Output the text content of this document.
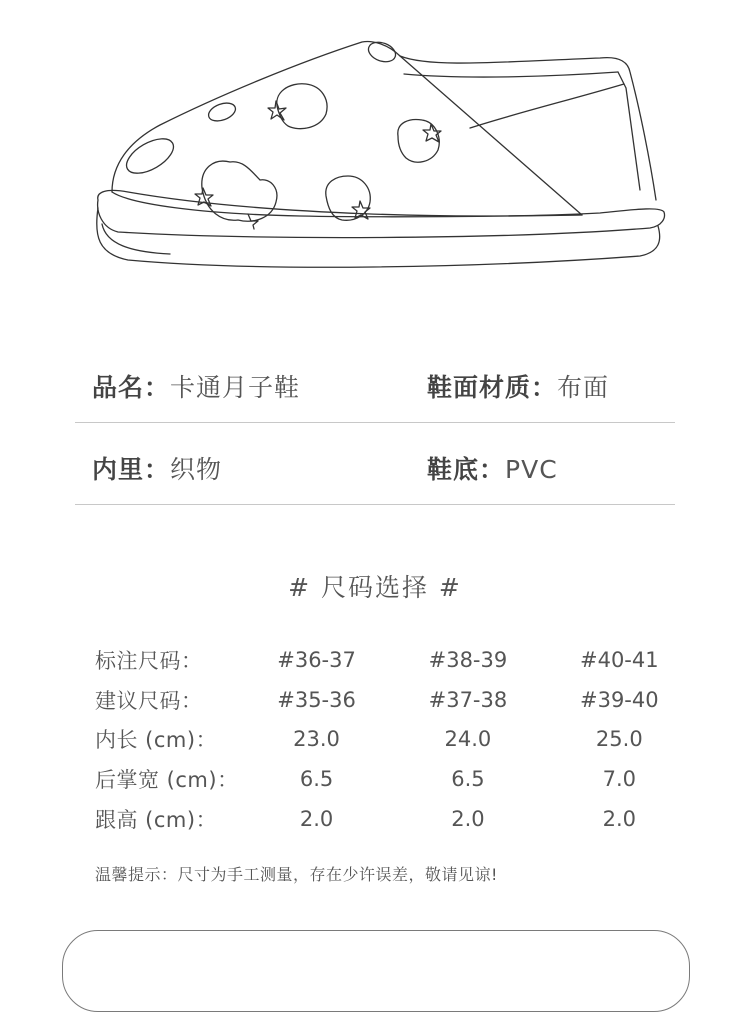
品名：卡通月子鞋	鞋面材质：布面
内里：织物	鞋底：PVC
# 尺码选择 #
标注尺码：	#36-37	#38-39	#40-41
建议尺码：	#35-36	#37-38	#39-40
内长 (cm)：	23.0	24.0	25.0
后掌宽 (cm)：	6.5	6.5	7.0
跟高 (cm)：	2.0	2.0	2.0
温馨提示：尺寸为手工测量，存在少许误差，敬请见谅!
